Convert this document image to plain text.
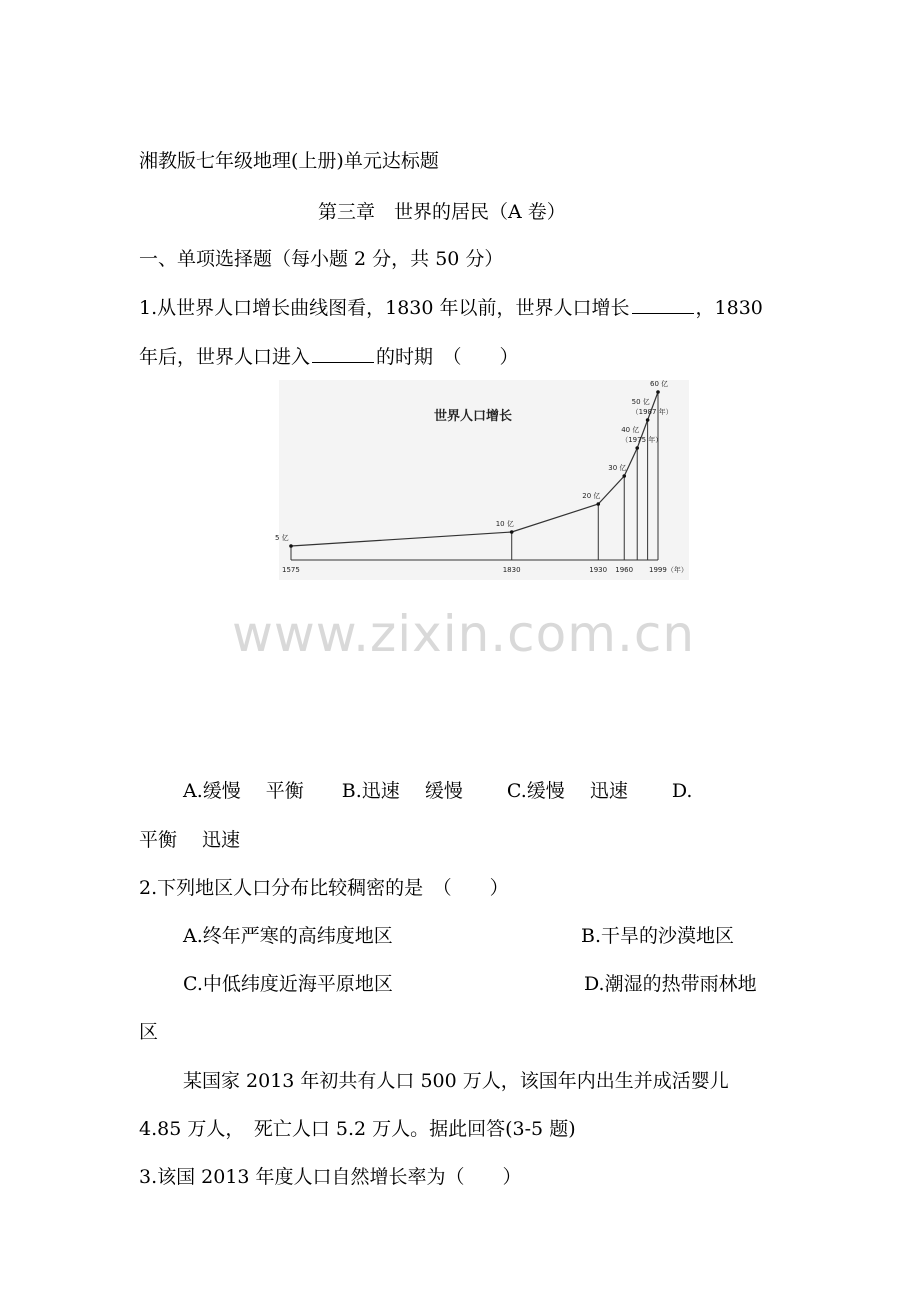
湘教版七年级地理(上册)单元达标题
第三章　世界的居民（A 卷）
一、单项选择题（每小题 2 分，共 50 分）
1.从世界人口增长曲线图看，1830 年以前，世界人口增长	，1830
年后，世界人口进入	的时期　（　　）
世界人口增长
5 亿
10 亿
20 亿
30 亿
40 亿
（1975 年）
50 亿
（1987 年）
60 亿
1575	1830	1930 1960 1999（年）
www.zixin.com.cn
A.缓慢　 平衡　　B.迅速　 缓慢　　 C.缓慢　 迅速　　 D.
平衡　 迅速
2.下列地区人口分布比较稠密的是　（　　）
A.终年严寒的高纬度地区	B.干旱的沙漠地区
C.中低纬度近海平原地区	D.潮湿的热带雨林地
区
某国家 2013 年初共有人口 500 万人，该国年内出生并成活婴儿
4.85 万人，　死亡人口 5.2 万人。据此回答(3-5 题)
3.该国 2013 年度人口自然增长率为（　　）
